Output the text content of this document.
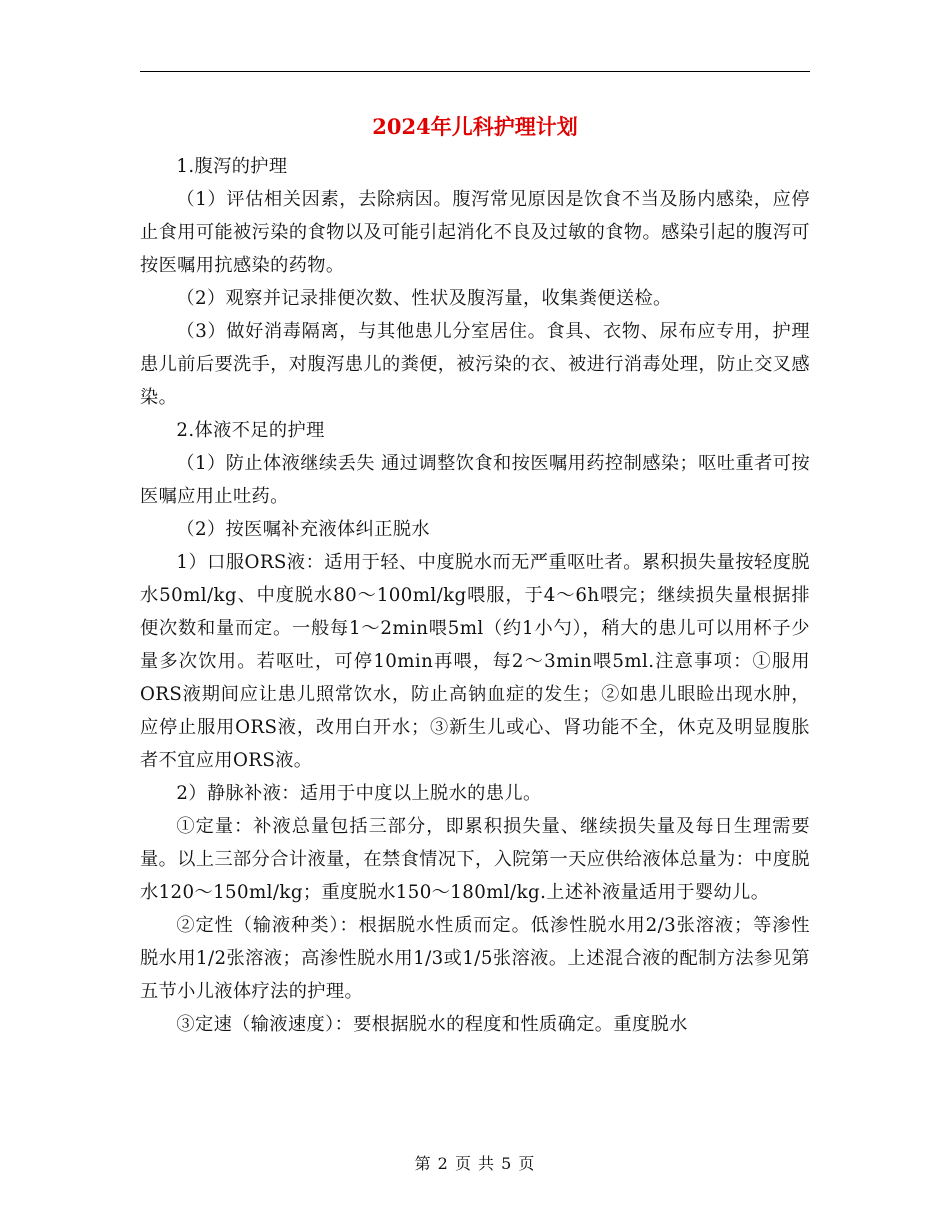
2024年儿科护理计划

1.腹泻的护理

（1）评估相关因素，去除病因。腹泻常见原因是饮食不当及肠内感染，应停止食用可能被污染的食物以及可能引起消化不良及过敏的食物。感染引起的腹泻可按医嘱用抗感染的药物。

（2）观察并记录排便次数、性状及腹泻量，收集粪便送检。

（3）做好消毒隔离，与其他患儿分室居住。食具、衣物、尿布应专用，护理患儿前后要洗手，对腹泻患儿的粪便，被污染的衣、被进行消毒处理，防止交叉感染。

2.体液不足的护理

（1）防止体液继续丢失 通过调整饮食和按医嘱用药控制感染；呕吐重者可按医嘱应用止吐药。

（2）按医嘱补充液体纠正脱水

1）口服ORS液：适用于轻、中度脱水而无严重呕吐者。累积损失量按轻度脱水50ml/kg、中度脱水80～100ml/kg喂服，于4～6h喂完；继续损失量根据排便次数和量而定。一般每1～2min喂5ml（约1小勺），稍大的患儿可以用杯子少量多次饮用。若呕吐，可停10min再喂，每2～3min喂5ml.注意事项：①服用ORS液期间应让患儿照常饮水，防止高钠血症的发生；②如患儿眼睑出现水肿，应停止服用ORS液，改用白开水；③新生儿或心、肾功能不全，休克及明显腹胀者不宜应用ORS液。

2）静脉补液：适用于中度以上脱水的患儿。

①定量：补液总量包括三部分，即累积损失量、继续损失量及每日生理需要量。以上三部分合计液量，在禁食情况下，入院第一天应供给液体总量为：中度脱水120～150ml/kg；重度脱水150～180ml/kg.上述补液量适用于婴幼儿。

②定性（输液种类）：根据脱水性质而定。低渗性脱水用2/3张溶液；等渗性脱水用1/2张溶液；高渗性脱水用1/3或1/5张溶液。上述混合液的配制方法参见第五节小儿液体疗法的护理。

③定速（输液速度）：要根据脱水的程度和性质确定。重度脱水

第 2 页 共 5 页
